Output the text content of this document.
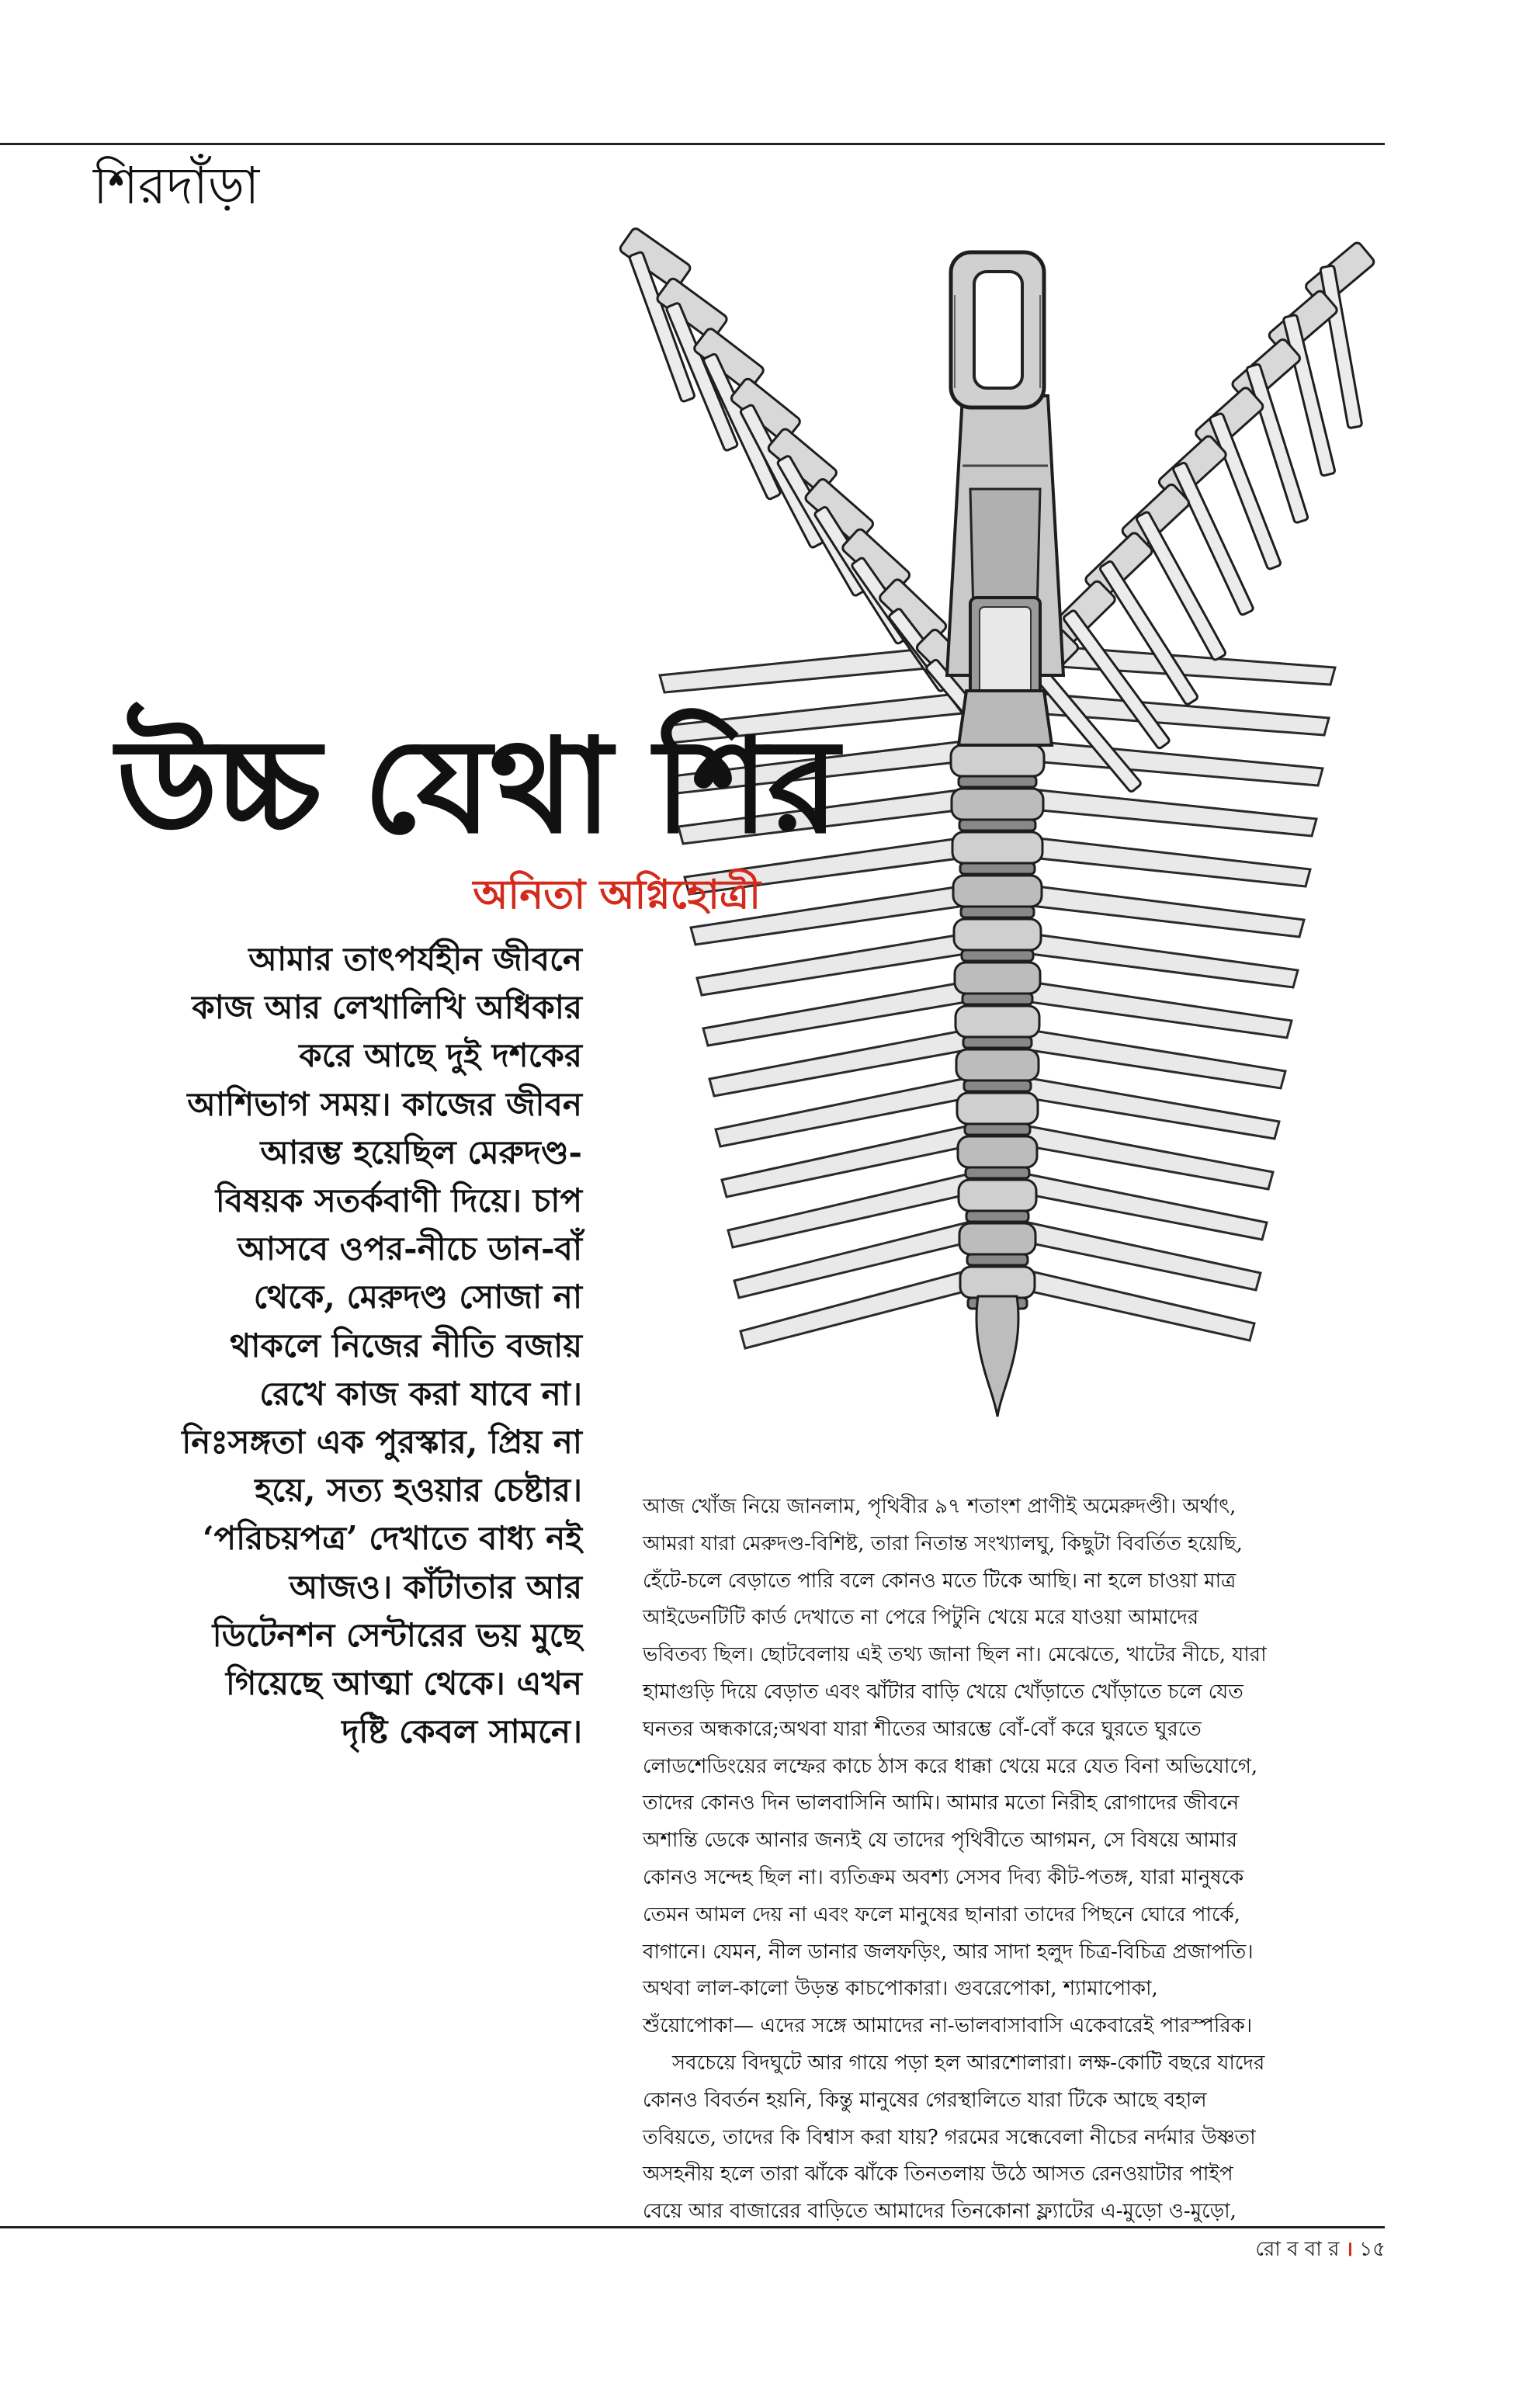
শিরদাঁড়া
উচ্চ যেথা শির
অনিতা অগ্নিহোত্রী
আমার তাৎপর্যহীন জীবনে
কাজ আর লেখালিখি অধিকার
করে আছে দুই দশকের
আশিভাগ সময়। কাজের জীবন
আরম্ভ হয়েছিল মেরুদণ্ড-
বিষয়ক সতর্কবাণী দিয়ে। চাপ
আসবে ওপর-নীচে ডান-বাঁ
থেকে, মেরুদণ্ড সোজা না
থাকলে নিজের নীতি বজায়
রেখে কাজ করা যাবে না।
নিঃসঙ্গতা এক পুরস্কার, প্রিয় না
হয়ে, সত্য হওয়ার চেষ্টার।
‘পরিচয়পত্র’ দেখাতে বাধ্য নই
আজও। কাঁটাতার আর
ডিটেনশন সেন্টারের ভয় মুছে
গিয়েছে আত্মা থেকে। এখন
দৃষ্টি কেবল সামনে।
আজ খোঁজ নিয়ে জানলাম, পৃথিবীর ৯৭ শতাংশ প্রাণীই অমেরুদণ্ডী। অর্থাৎ,
আমরা যারা মেরুদণ্ড-বিশিষ্ট, তারা নিতান্ত সংখ্যালঘু, কিছুটা বিবর্তিত হয়েছি,
হেঁটে-চলে বেড়াতে পারি বলে কোনও মতে টিকে আছি। না হলে চাওয়া মাত্র
আইডেনটিটি কার্ড দেখাতে না পেরে পিটুনি খেয়ে মরে যাওয়া আমাদের
ভবিতব্য ছিল। ছোটবেলায় এই তথ্য জানা ছিল না। মেঝেতে, খাটের নীচে, যারা
হামাগুড়ি দিয়ে বেড়াত এবং ঝাঁটার বাড়ি খেয়ে খোঁড়াতে খোঁড়াতে চলে যেত
ঘনতর অন্ধকারে;অথবা যারা শীতের আরম্ভে বোঁ-বোঁ করে ঘুরতে ঘুরতে
লোডশেডিংয়ের লম্ফের কাচে ঠাস করে ধাক্কা খেয়ে মরে যেত বিনা অভিযোগে,
তাদের কোনও দিন ভালবাসিনি আমি। আমার মতো নিরীহ রোগাদের জীবনে
অশান্তি ডেকে আনার জন্যই যে তাদের পৃথিবীতে আগমন, সে বিষয়ে আমার
কোনও সন্দেহ ছিল না। ব্যতিক্রম অবশ্য সেসব দিব্য কীট-পতঙ্গ, যারা মানুষকে
তেমন আমল দেয় না এবং ফলে মানুষের ছানারা তাদের পিছনে ঘোরে পার্কে,
বাগানে। যেমন, নীল ডানার জলফড়িং, আর সাদা হলুদ চিত্র-বিচিত্র প্রজাপতি।
অথবা লাল-কালো উড়ন্ত কাচপোকারা। গুবরেপোকা, শ্যামাপোকা,
শুঁয়োপোকা— এদের সঙ্গে আমাদের না-ভালবাসাবাসি একেবারেই পারস্পরিক।
সবচেয়ে বিদঘুটে আর গায়ে পড়া হল আরশোলারা। লক্ষ-কোটি বছরে যাদের
কোনও বিবর্তন হয়নি, কিন্তু মানুষের গেরস্থালিতে যারা টিকে আছে বহাল
তবিয়তে, তাদের কি বিশ্বাস করা যায়? গরমের সন্ধেবেলা নীচের নর্দমার উষ্ণতা
অসহনীয় হলে তারা ঝাঁকে ঝাঁকে তিনতলায় উঠে আসত রেনওয়াটার পাইপ
বেয়ে আর বাজারের বাড়িতে আমাদের তিনকোনা ফ্ল্যাটের এ-মুড়ো ও-মুড়ো,
রো ব বা র । ১৫
